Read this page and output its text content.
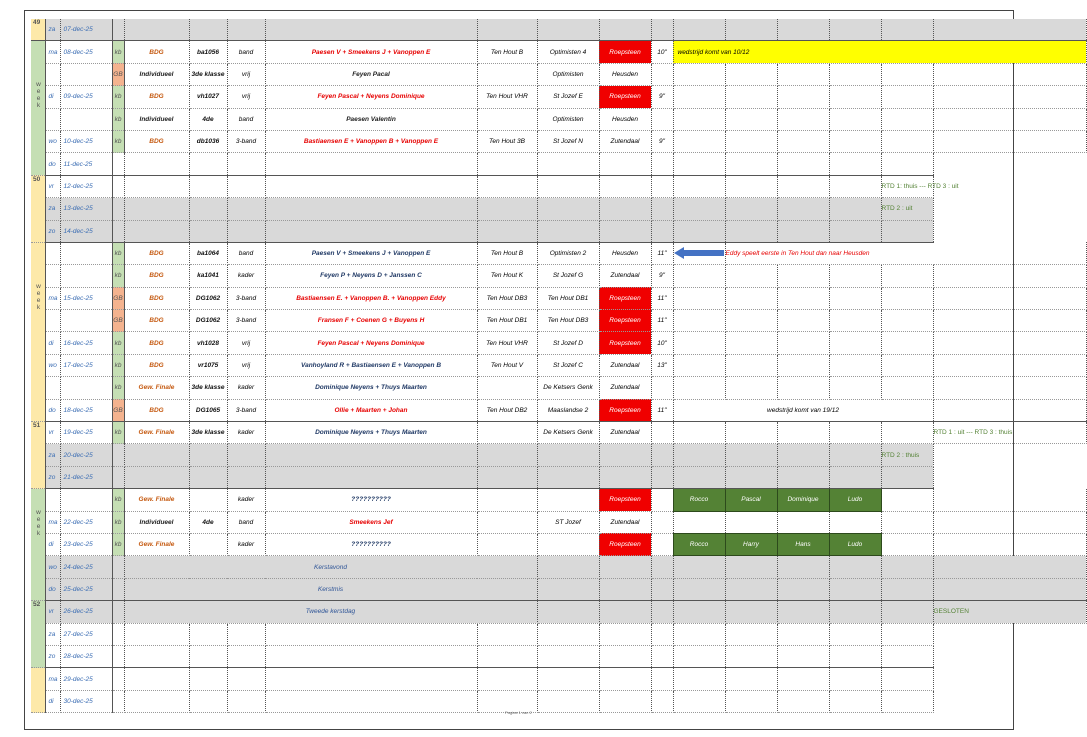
49	za	07-dec-25															

week	ma	08-dec-25	kb	BDG	ba1056	band	Paesen V + Smeekens J + Vanoppen E	Ten Hout B	Optimisten 4	Roepsteen	10"	wedstrijd komt van 10/12					
			GB	Individueel	3de klasse	vrij	Feyen Pacal		Optimisten	Heusden							
	di	09-dec-25	kb	BDG	vh1027	vrij	Feyen Pascal + Neyens Dominique	Ten Hout VHR	St Jozef E	Roepsteen	9"						
			kb	Individueel	4de	band	Paesen Valentin		Optimisten	Heusden							
	wo	10-dec-25	kb	BDG	db1036	3-band	Bastiaensen E + Vanoppen B + Vanoppen E	Ten Hout 3B	St Jozef N	Zutendaal	9"						
	do	11-dec-25															
50	vr	12-dec-25														RTD 1: thuis --- RTD 3 : uit	
	za	13-dec-25														RTD 2 : uit	
	zo	14-dec-25															

week			kb	BDG	ba1064	band	Paesen V + Smeekens J + Vanoppen E	Ten Hout B	Optimisten 2	Heusden	11"		Eddy speelt eerste in Ten Hout dan naar Heusden				
			kb	BDG	ka1041	kader	Feyen P + Neyens D + Janssen C	Ten Hout K	St Jozef G	Zutendaal	9"						
	ma	15-dec-25	GB	BDG	DG1062	3-band	Bastiaensen E. + Vanoppen B. + Vanoppen Eddy	Ten Hout DB3	Ten Hout DB1	Roepsteen	11"						
			GB	BDG	DG1062	3-band	Fransen F + Coenen G + Buyens H	Ten Hout DB1	Ten Hout DB3	Roepsteen	11"						
	di	16-dec-25	kb	BDG	vh1028	vrij	Feyen Pascal + Neyens Dominique	Ten Hout VHR	St Jozef D	Roepsteen	10"						
	wo	17-dec-25	kb	BDG	vr1075	vrij	Vanhoyland R + Bastiaensen E + Vanoppen B	Ten Hout V	St Jozef C	Zutendaal	13"						
			kb	Gew. Finale	3de klasse	kader	Dominique Neyens + Thuys Maarten		De Ketsers Genk	Zutendaal							
	do	18-dec-25	GB	BDG	DG1065	3-band	Ollie + Maarten + Johan	Ten Hout DB2	Maaslandse 2	Roepsteen	11"	wedstrijd komt van 19/12					
51	vr	19-dec-25	kb	Gew. Finale	3de klasse	kader	Dominique Neyens + Thuys Maarten		De Ketsers Genk	Zutendaal							RTD 1 : uit --- RTD 3 : thuis
	za	20-dec-25														RTD 2 : thuis	
	zo	21-dec-25															

week			kb	Gew. Finale		kader	??????????			Roepsteen		Rocco	Pascal	Dominique	Ludo		
	ma	22-dec-25	kb	Individueel	4de	band	Smeekens Jef		ST Jozef	Zutendaal							
	di	23-dec-25	kb	Gew. Finale		kader	??????????			Roepsteen		Rocco	Harry	Hans	Ludo		
	wo	24-dec-25		Kerstavond													
	do	25-dec-25		Kerstmis													
52	vr	26-dec-25		Tweede kerstdag													GESLOTEN
	za	27-dec-25															
	zo	28-dec-25															
	ma	29-dec-25															
	di	30-dec-25															
Pagina 1 van 2
